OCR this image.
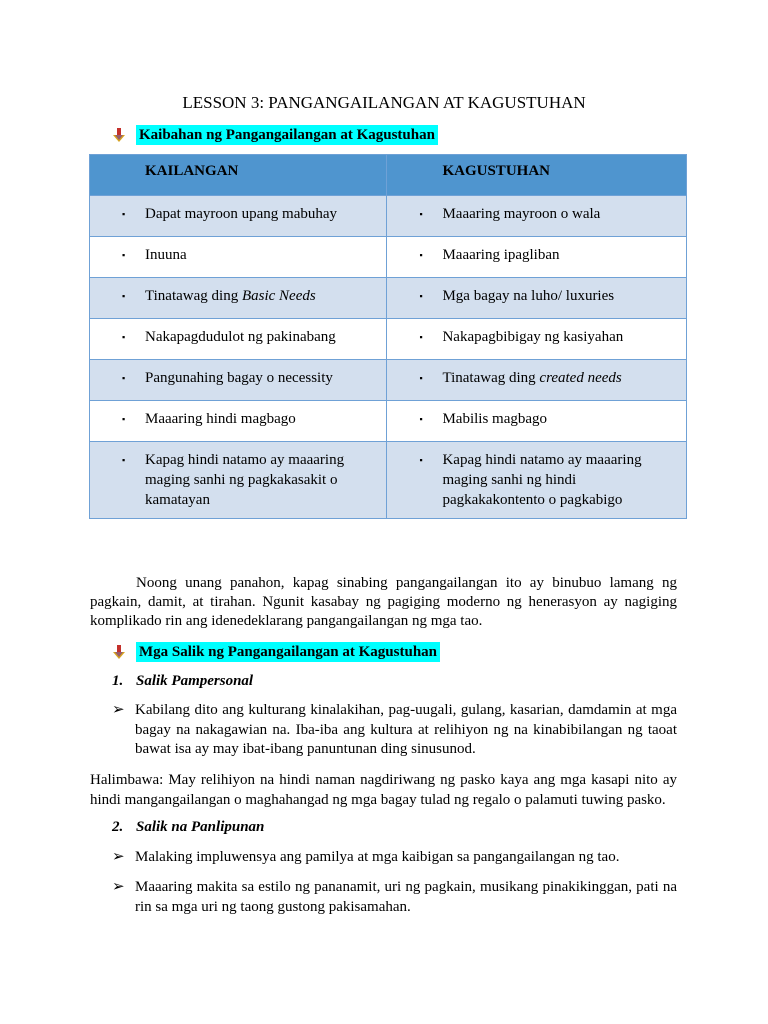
LESSON 3: PANGANGAILANGAN AT KAGUSTUHAN
Kaibahan ng Pangangailangan at Kagustuhan
KAILANGAN	KAGUSTUHAN

▪ Dapat mayroon upang mabuhay	▪ Maaaring mayroon o wala

▪ Inuuna	▪ Maaaring ipagliban

▪ Tinatawag ding Basic Needs	▪ Mga bagay na luho/ luxuries

▪ Nakapagdudulot ng pakinabang	▪ Nakapagbibigay ng kasiyahan

▪ Pangunahing bagay o necessity	▪ Tinatawag ding created needs

▪ Maaaring hindi magbago	▪ Mabilis magbago

▪ Kapag hindi natamo ay maaaring maging sanhi ng pagkakasakit o kamatayan	▪ Kapag hindi natamo ay maaaring maging sanhi ng hindi pagkakakontento o pagkabigo
Noong unang panahon, kapag sinabing pangangailangan ito ay binubuo lamang ng pagkain, damit, at tirahan. Ngunit kasabay ng pagiging moderno ng henerasyon ay nagiging komplikado rin ang idenedeklarang pangangailangan ng mga tao.
Mga Salik ng Pangangailangan at Kagustuhan
1. Salik Pampersonal
➢ Kabilang dito ang kulturang kinalakihan, pag-uugali, gulang, kasarian, damdamin at mga bagay na nakagawian na. Iba-iba ang kultura at relihiyon ng na kinabibilangan ng taoat bawat isa ay may ibat-ibang panuntunan ding sinusunod.
Halimbawa: May relihiyon na hindi naman nagdiriwang ng pasko kaya ang mga kasapi nito ay hindi mangangailangan o maghahangad ng mga bagay tulad ng regalo o palamuti tuwing pasko.
2. Salik na Panlipunan
➢ Malaking impluwensya ang pamilya at mga kaibigan sa pangangailangan ng tao.
➢ Maaaring makita sa estilo ng pananamit, uri ng pagkain, musikang pinakikinggan, pati na rin sa mga uri ng taong gustong pakisamahan.
